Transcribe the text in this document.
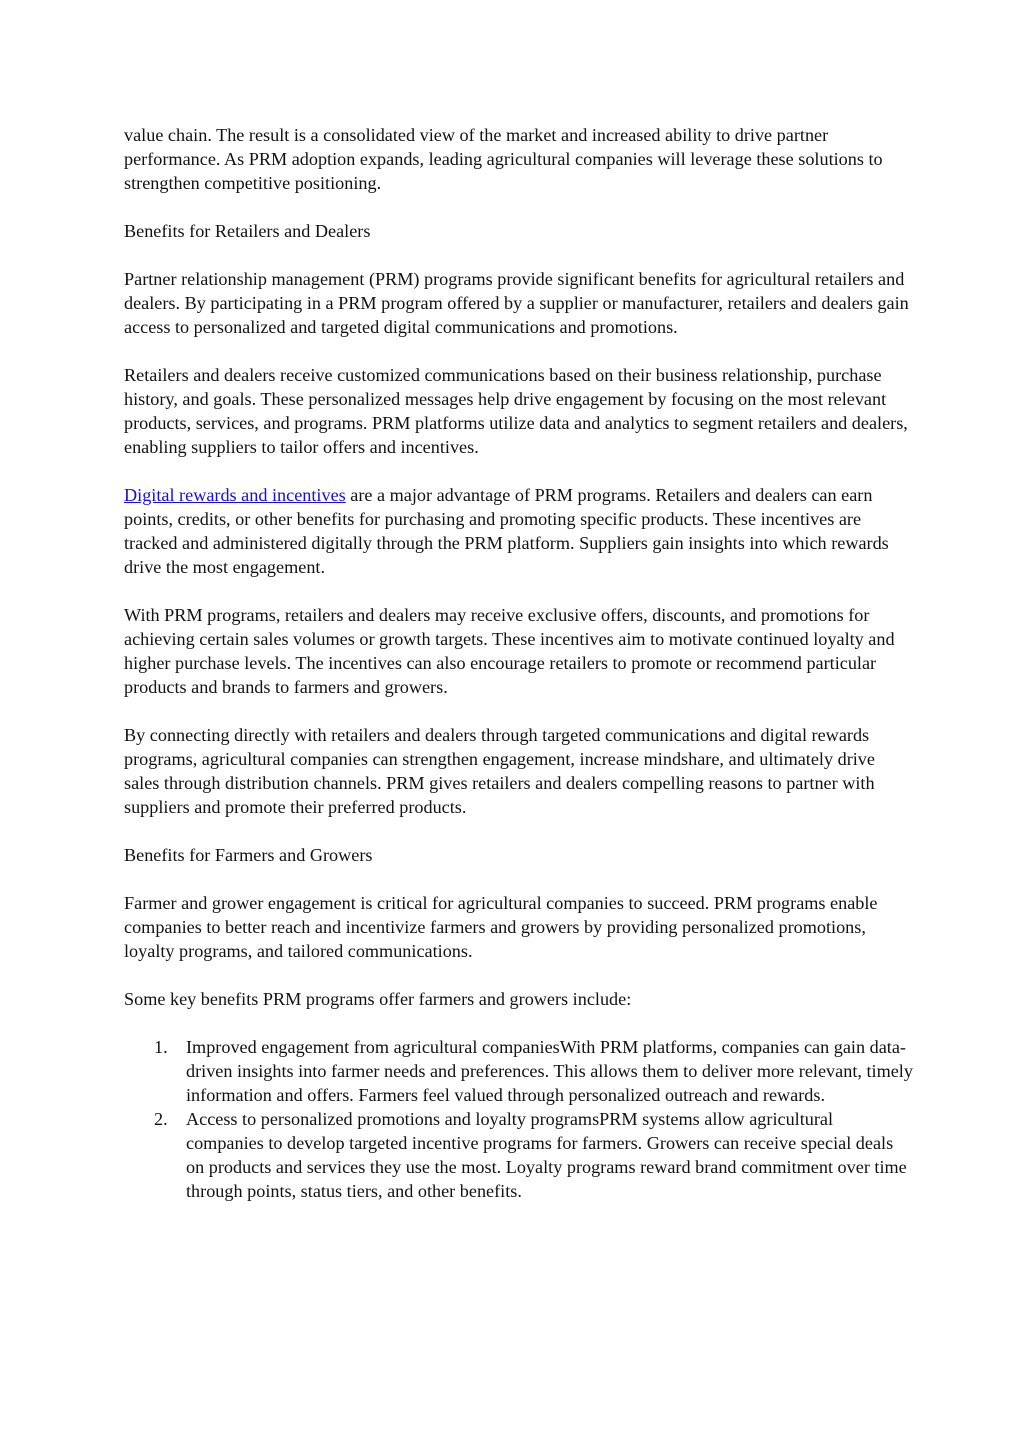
value chain. The result is a consolidated view of the market and increased ability to drive partner performance. As PRM adoption expands, leading agricultural companies will leverage these solutions to strengthen competitive positioning.

Benefits for Retailers and Dealers

Partner relationship management (PRM) programs provide significant benefits for agricultural retailers and dealers. By participating in a PRM program offered by a supplier or manufacturer, retailers and dealers gain access to personalized and targeted digital communications and promotions.

Retailers and dealers receive customized communications based on their business relationship, purchase history, and goals. These personalized messages help drive engagement by focusing on the most relevant products, services, and programs. PRM platforms utilize data and analytics to segment retailers and dealers, enabling suppliers to tailor offers and incentives.

Digital rewards and incentives are a major advantage of PRM programs. Retailers and dealers can earn points, credits, or other benefits for purchasing and promoting specific products. These incentives are tracked and administered digitally through the PRM platform. Suppliers gain insights into which rewards drive the most engagement.

With PRM programs, retailers and dealers may receive exclusive offers, discounts, and promotions for achieving certain sales volumes or growth targets. These incentives aim to motivate continued loyalty and higher purchase levels. The incentives can also encourage retailers to promote or recommend particular products and brands to farmers and growers.

By connecting directly with retailers and dealers through targeted communications and digital rewards programs, agricultural companies can strengthen engagement, increase mindshare, and ultimately drive sales through distribution channels. PRM gives retailers and dealers compelling reasons to partner with suppliers and promote their preferred products.

Benefits for Farmers and Growers

Farmer and grower engagement is critical for agricultural companies to succeed. PRM programs enable companies to better reach and incentivize farmers and growers by providing personalized promotions, loyalty programs, and tailored communications.

Some key benefits PRM programs offer farmers and growers include:

1. Improved engagement from agricultural companiesWith PRM platforms, companies can gain data-driven insights into farmer needs and preferences. This allows them to deliver more relevant, timely information and offers. Farmers feel valued through personalized outreach and rewards.
2. Access to personalized promotions and loyalty programsPRM systems allow agricultural companies to develop targeted incentive programs for farmers. Growers can receive special deals on products and services they use the most. Loyalty programs reward brand commitment over time through points, status tiers, and other benefits.
